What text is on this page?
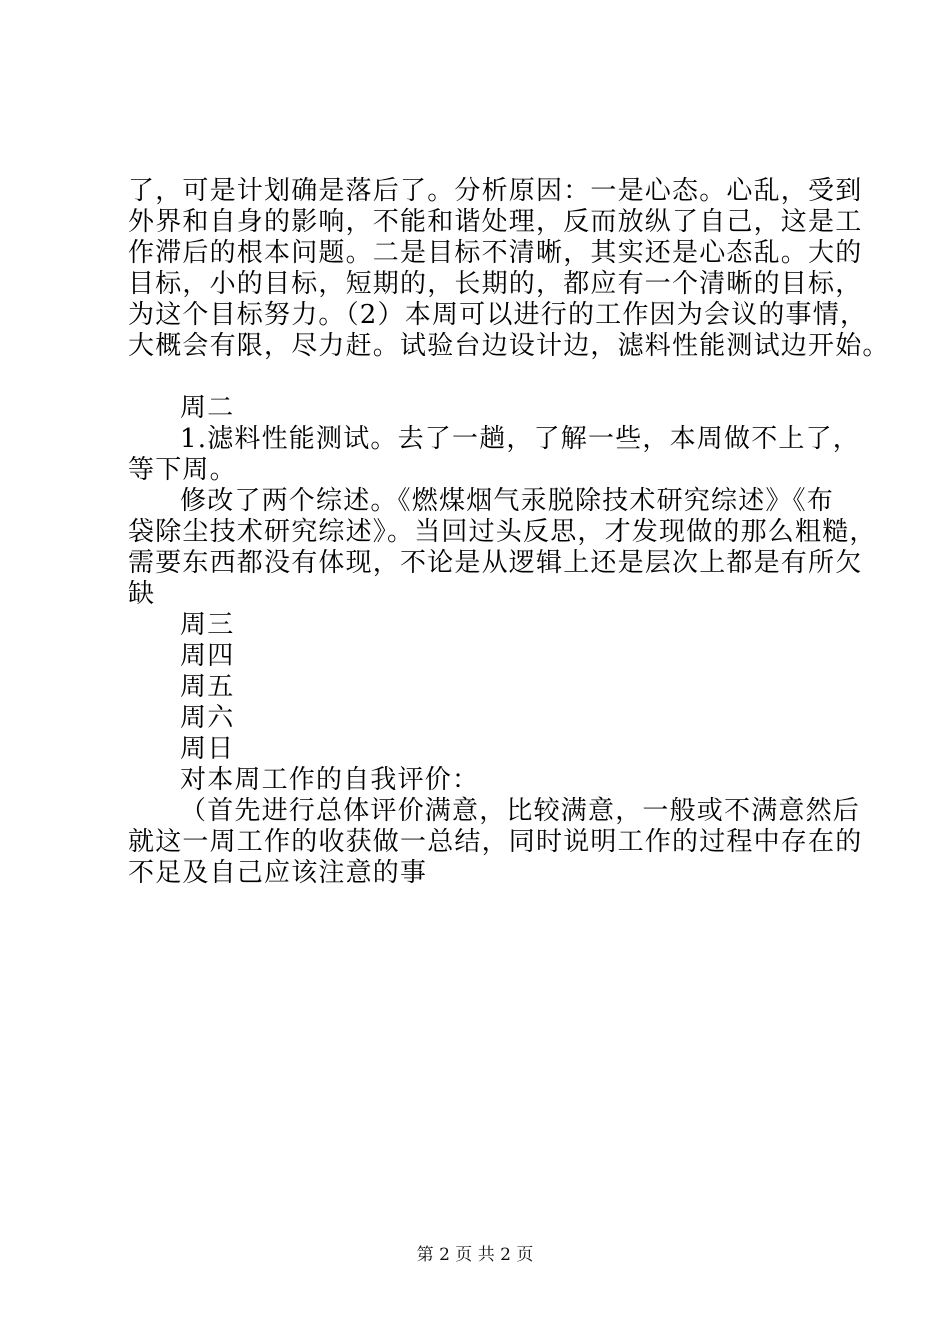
了，可是计划确是落后了。分析原因：一是心态。心乱，受到
外界和自身的影响，不能和谐处理，反而放纵了自己，这是工
作滞后的根本问题。二是目标不清晰，其实还是心态乱。大的
目标，小的目标，短期的，长期的，都应有一个清晰的目标，
为这个目标努力。（2）本周可以进行的工作因为会议的事情，
大概会有限，尽力赶。试验台边设计边，滤料性能测试边开始。
周二
1.滤料性能测试。去了一趟，了解一些，本周做不上了，
等下周。
修改了两个综述。《燃煤烟气汞脱除技术研究综述》《布
袋除尘技术研究综述》。当回过头反思，才发现做的那么粗糙，
需要东西都没有体现，不论是从逻辑上还是层次上都是有所欠
缺
周三
周四
周五
周六
周日
对本周工作的自我评价：
（首先进行总体评价满意，比较满意，一般或不满意然后
就这一周工作的收获做一总结，同时说明工作的过程中存在的
不足及自己应该注意的事
第 2 页 共 2 页
